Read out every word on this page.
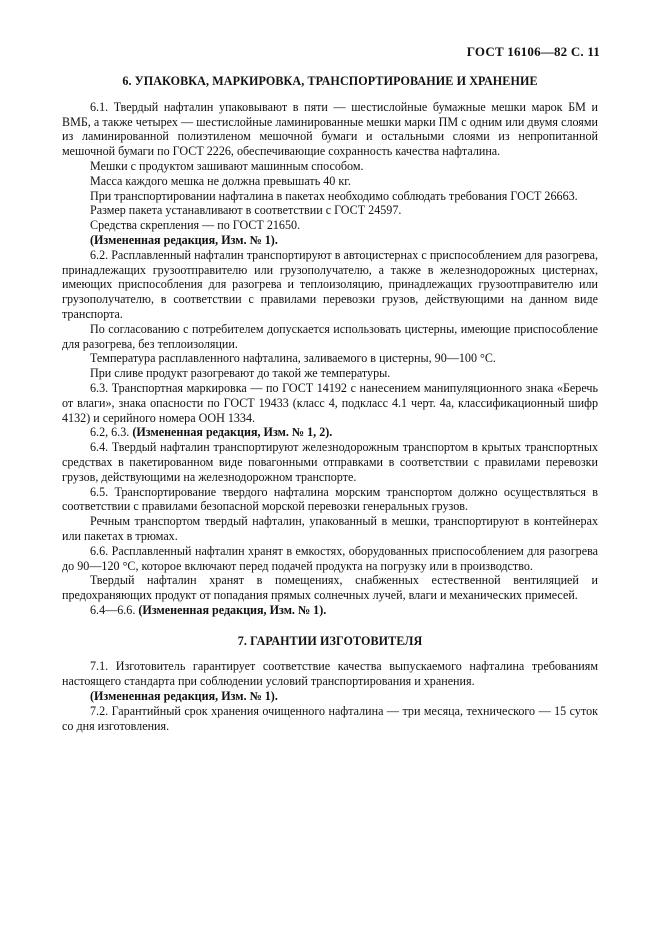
ГОСТ 16106—82 С. 11
6. УПАКОВКА, МАРКИРОВКА, ТРАНСПОРТИРОВАНИЕ И ХРАНЕНИЕ

6.1. Твердый нафталин упаковывают в пяти — шестислойные бумажные мешки марок БМ и ВМБ, а также четырех — шестислойные ламинированные мешки марки ПМ с одним или двумя слоями из ламинированной полиэтиленом мешочной бумаги и остальными слоями из непропитанной мешочной бумаги по ГОСТ 2226, обеспечивающие сохранность качества нафталина.

Мешки с продуктом зашивают машинным способом.

Масса каждого мешка не должна превышать 40 кг.

При транспортировании нафталина в пакетах необходимо соблюдать требования ГОСТ 26663.

Размер пакета устанавливают в соответствии с ГОСТ 24597.

Средства скрепления — по ГОСТ 21650.

(Измененная редакция, Изм. № 1).

6.2. Расплавленный нафталин транспортируют в автоцистернах с приспособлением для разогрева, принадлежащих грузоотправителю или грузополучателю, а также в железнодорожных цистернах, имеющих приспособления для разогрева и теплоизоляцию, принадлежащих грузоотправителю или грузополучателю, в соответствии с правилами перевозки грузов, действующими на данном виде транспорта.

По согласованию с потребителем допускается использовать цистерны, имеющие приспособление для разогрева, без теплоизоляции.

Температура расплавленного нафталина, заливаемого в цистерны, 90—100 °С.

При сливе продукт разогревают до такой же температуры.

6.3. Транспортная маркировка — по ГОСТ 14192 с нанесением манипуляционного знака «Беречь от влаги», знака опасности по ГОСТ 19433 (класс 4, подкласс 4.1 черт. 4а, классификационный шифр 4132) и серийного номера ООН 1334.

6.2, 6.3. (Измененная редакция, Изм. № 1, 2).

6.4. Твердый нафталин транспортируют железнодорожным транспортом в крытых транспортных средствах в пакетированном виде повагонными отправками в соответствии с правилами перевозки грузов, действующими на железнодорожном транспорте.

6.5. Транспортирование твердого нафталина морским транспортом должно осуществляться в соответствии с правилами безопасной морской перевозки генеральных грузов.

Речным транспортом твердый нафталин, упакованный в мешки, транспортируют в контейнерах или пакетах в трюмах.

6.6. Расплавленный нафталин хранят в емкостях, оборудованных приспособлением для разогрева до 90—120 °С, которое включают перед подачей продукта на погрузку или в производство.

Твердый нафталин хранят в помещениях, снабженных естественной вентиляцией и предохраняющих продукт от попадания прямых солнечных лучей, влаги и механических примесей.

6.4—6.6. (Измененная редакция, Изм. № 1).

7. ГАРАНТИИ ИЗГОТОВИТЕЛЯ

7.1. Изготовитель гарантирует соответствие качества выпускаемого нафталина требованиям настоящего стандарта при соблюдении условий транспортирования и хранения.

(Измененная редакция, Изм. № 1).

7.2. Гарантийный срок хранения очищенного нафталина — три месяца, технического — 15 суток со дня изготовления.
